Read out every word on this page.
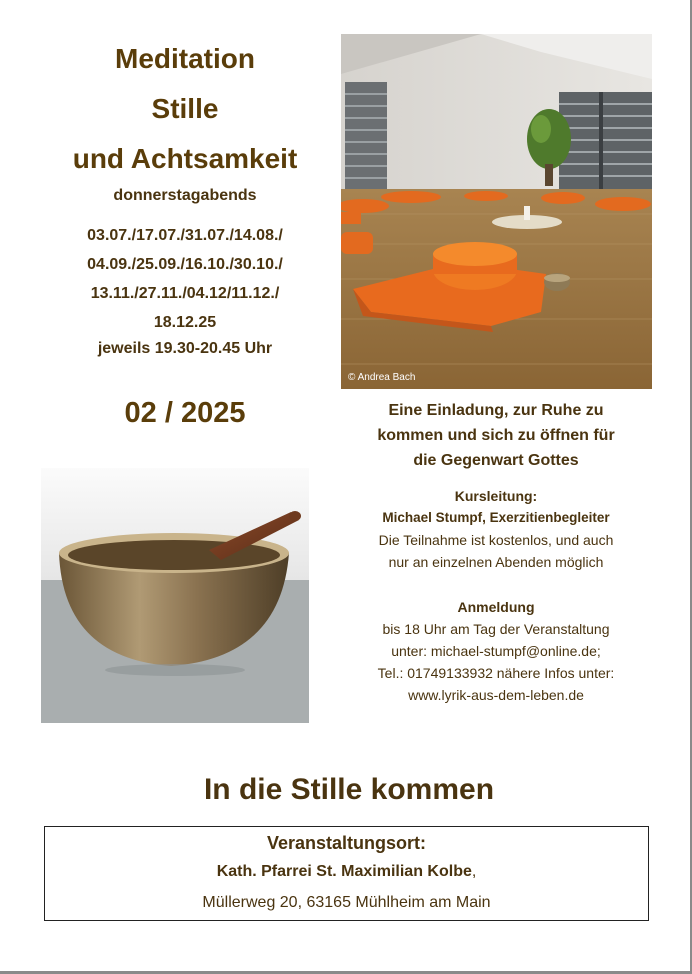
Meditation
Stille
und Achtsamkeit
donnerstagabends
03.07./17.07./31.07./14.08./
04.09./25.09./16.10./30.10./
13.11./27.11./04.12/11.12./
18.12.25
jeweils 19.30-20.45 Uhr
02 / 2025
© Andrea Bach
Eine Einladung, zur Ruhe zu
kommen und sich zu öffnen für
die Gegenwart Gottes
Kursleitung:
Michael Stumpf, Exerzitienbegleiter
Die Teilnahme ist kostenlos, und auch
nur an einzelnen Abenden möglich
Anmeldung
bis 18 Uhr am Tag der Veranstaltung
unter: michael-stumpf@online.de;
Tel.: 01749133932 nähere Infos unter:
www.lyrik-aus-dem-leben.de
In die Stille kommen
Veranstaltungsort:
Kath. Pfarrei St. Maximilian Kolbe,
Müllerweg 20, 63165 Mühlheim am Main
